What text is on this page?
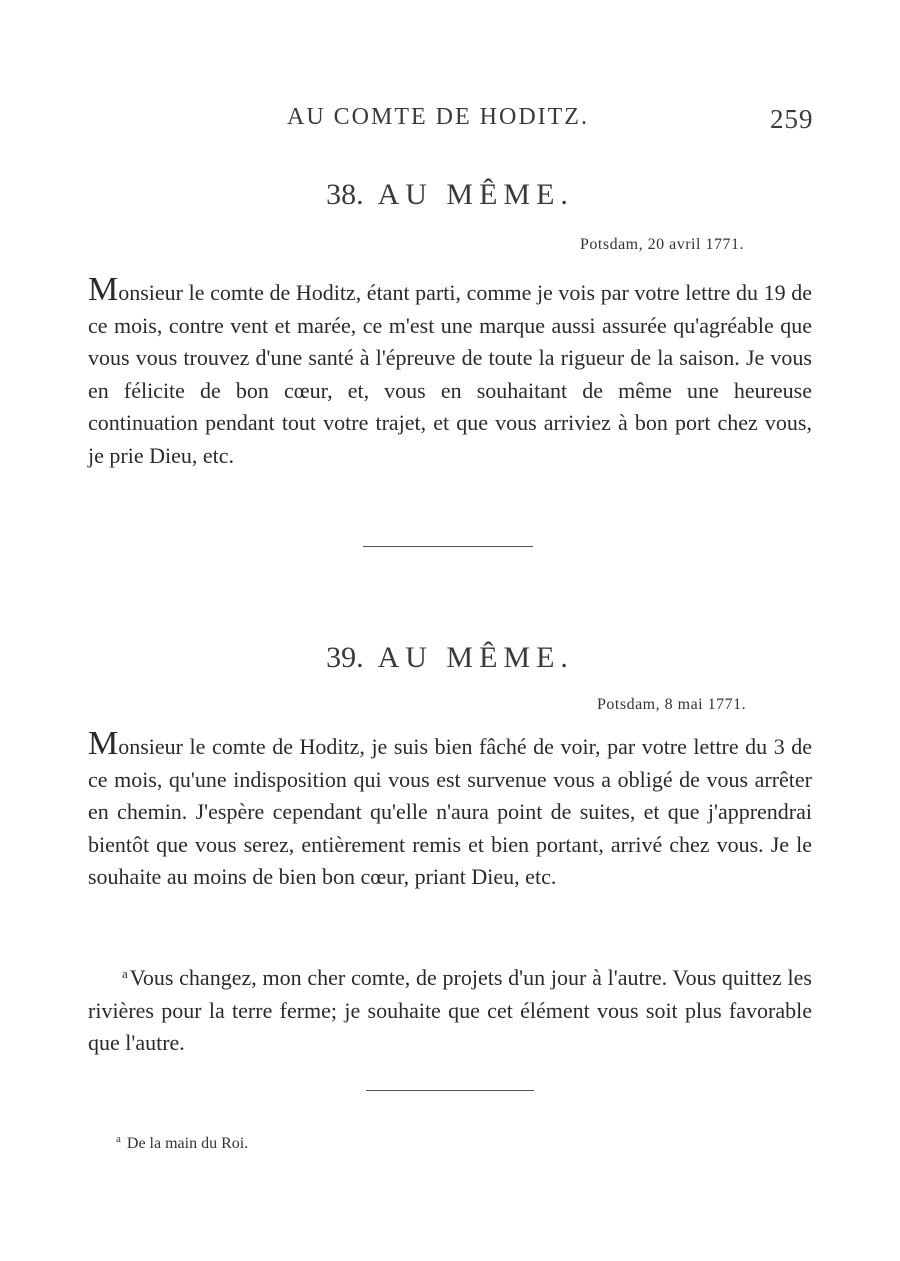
AU COMTE DE HODITZ.	259
38. AU MÊME.
Potsdam, 20 avril 1771.
Monsieur le comte de Hoditz, étant parti, comme je vois par votre lettre du 19 de ce mois, contre vent et marée, ce m'est une marque aussi assurée qu'agréable que vous vous trouvez d'une santé à l'épreuve de toute la rigueur de la saison. Je vous en félicite de bon cœur, et, vous en souhaitant de même une heureuse continuation pendant tout votre trajet, et que vous arriviez à bon port chez vous, je prie Dieu, etc.
39. AU MÊME.
Potsdam, 8 mai 1771.
Monsieur le comte de Hoditz, je suis bien fâché de voir, par votre lettre du 3 de ce mois, qu'une indisposition qui vous est survenue vous a obligé de vous arrêter en chemin. J'espère cependant qu'elle n'aura point de suites, et que j'apprendrai bientôt que vous serez, entièrement remis et bien portant, arrivé chez vous. Je le souhaite au moins de bien bon cœur, priant Dieu, etc.
$^a$Vous changez, mon cher comte, de projets d'un jour à l'autre. Vous quittez les rivières pour la terre ferme; je souhaite que cet élément vous soit plus favorable que l'autre.
$^a$ De la main du Roi.
